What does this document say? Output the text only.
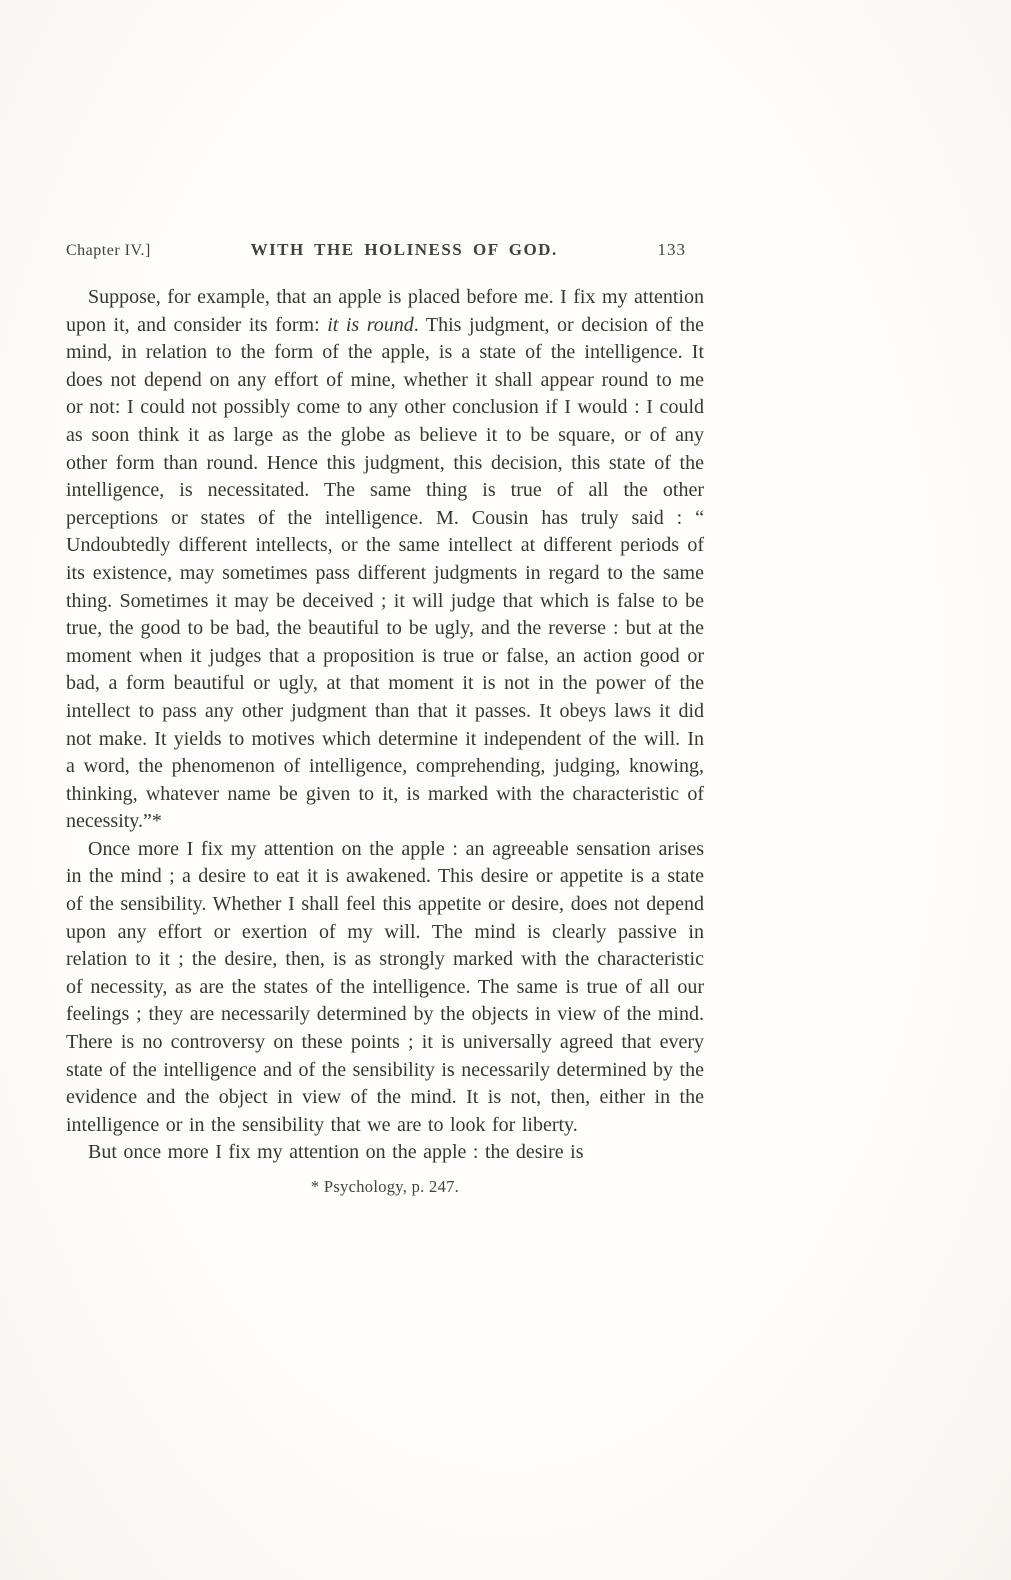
Chapter IV.]	WITH THE HOLINESS OF GOD.	133

Suppose, for example, that an apple is placed before me. I fix my attention upon it, and consider its form: it is round. This judgment, or decision of the mind, in relation to the form of the apple, is a state of the intelligence. It does not depend on any effort of mine, whether it shall appear round to me or not: I could not possibly come to any other conclusion if I would : I could as soon think it as large as the globe as believe it to be square, or of any other form than round. Hence this judgment, this decision, this state of the intelligence, is necessitated. The same thing is true of all the other perceptions or states of the intelligence. M. Cousin has truly said : “ Undoubtedly different intellects, or the same intellect at different periods of its existence, may sometimes pass different judgments in regard to the same thing. Sometimes it may be deceived ; it will judge that which is false to be true, the good to be bad, the beautiful to be ugly, and the reverse : but at the moment when it judges that a proposition is true or false, an action good or bad, a form beautiful or ugly, at that moment it is not in the power of the intellect to pass any other judgment than that it passes. It obeys laws it did not make. It yields to motives which determine it independent of the will. In a word, the phenomenon of intelligence, comprehending, judging, knowing, thinking, whatever name be given to it, is marked with the characteristic of necessity.”*

Once more I fix my attention on the apple : an agreeable sensation arises in the mind ; a desire to eat it is awakened. This desire or appetite is a state of the sensibility. Whether I shall feel this appetite or desire, does not depend upon any effort or exertion of my will. The mind is clearly passive in relation to it ; the desire, then, is as strongly marked with the characteristic of necessity, as are the states of the intelligence. The same is true of all our feelings ; they are necessarily determined by the objects in view of the mind. There is no controversy on these points ; it is universally agreed that every state of the intelligence and of the sensibility is necessarily determined by the evidence and the object in view of the mind. It is not, then, either in the intelligence or in the sensibility that we are to look for liberty.

But once more I fix my attention on the apple : the desire is

* Psychology, p. 247.
